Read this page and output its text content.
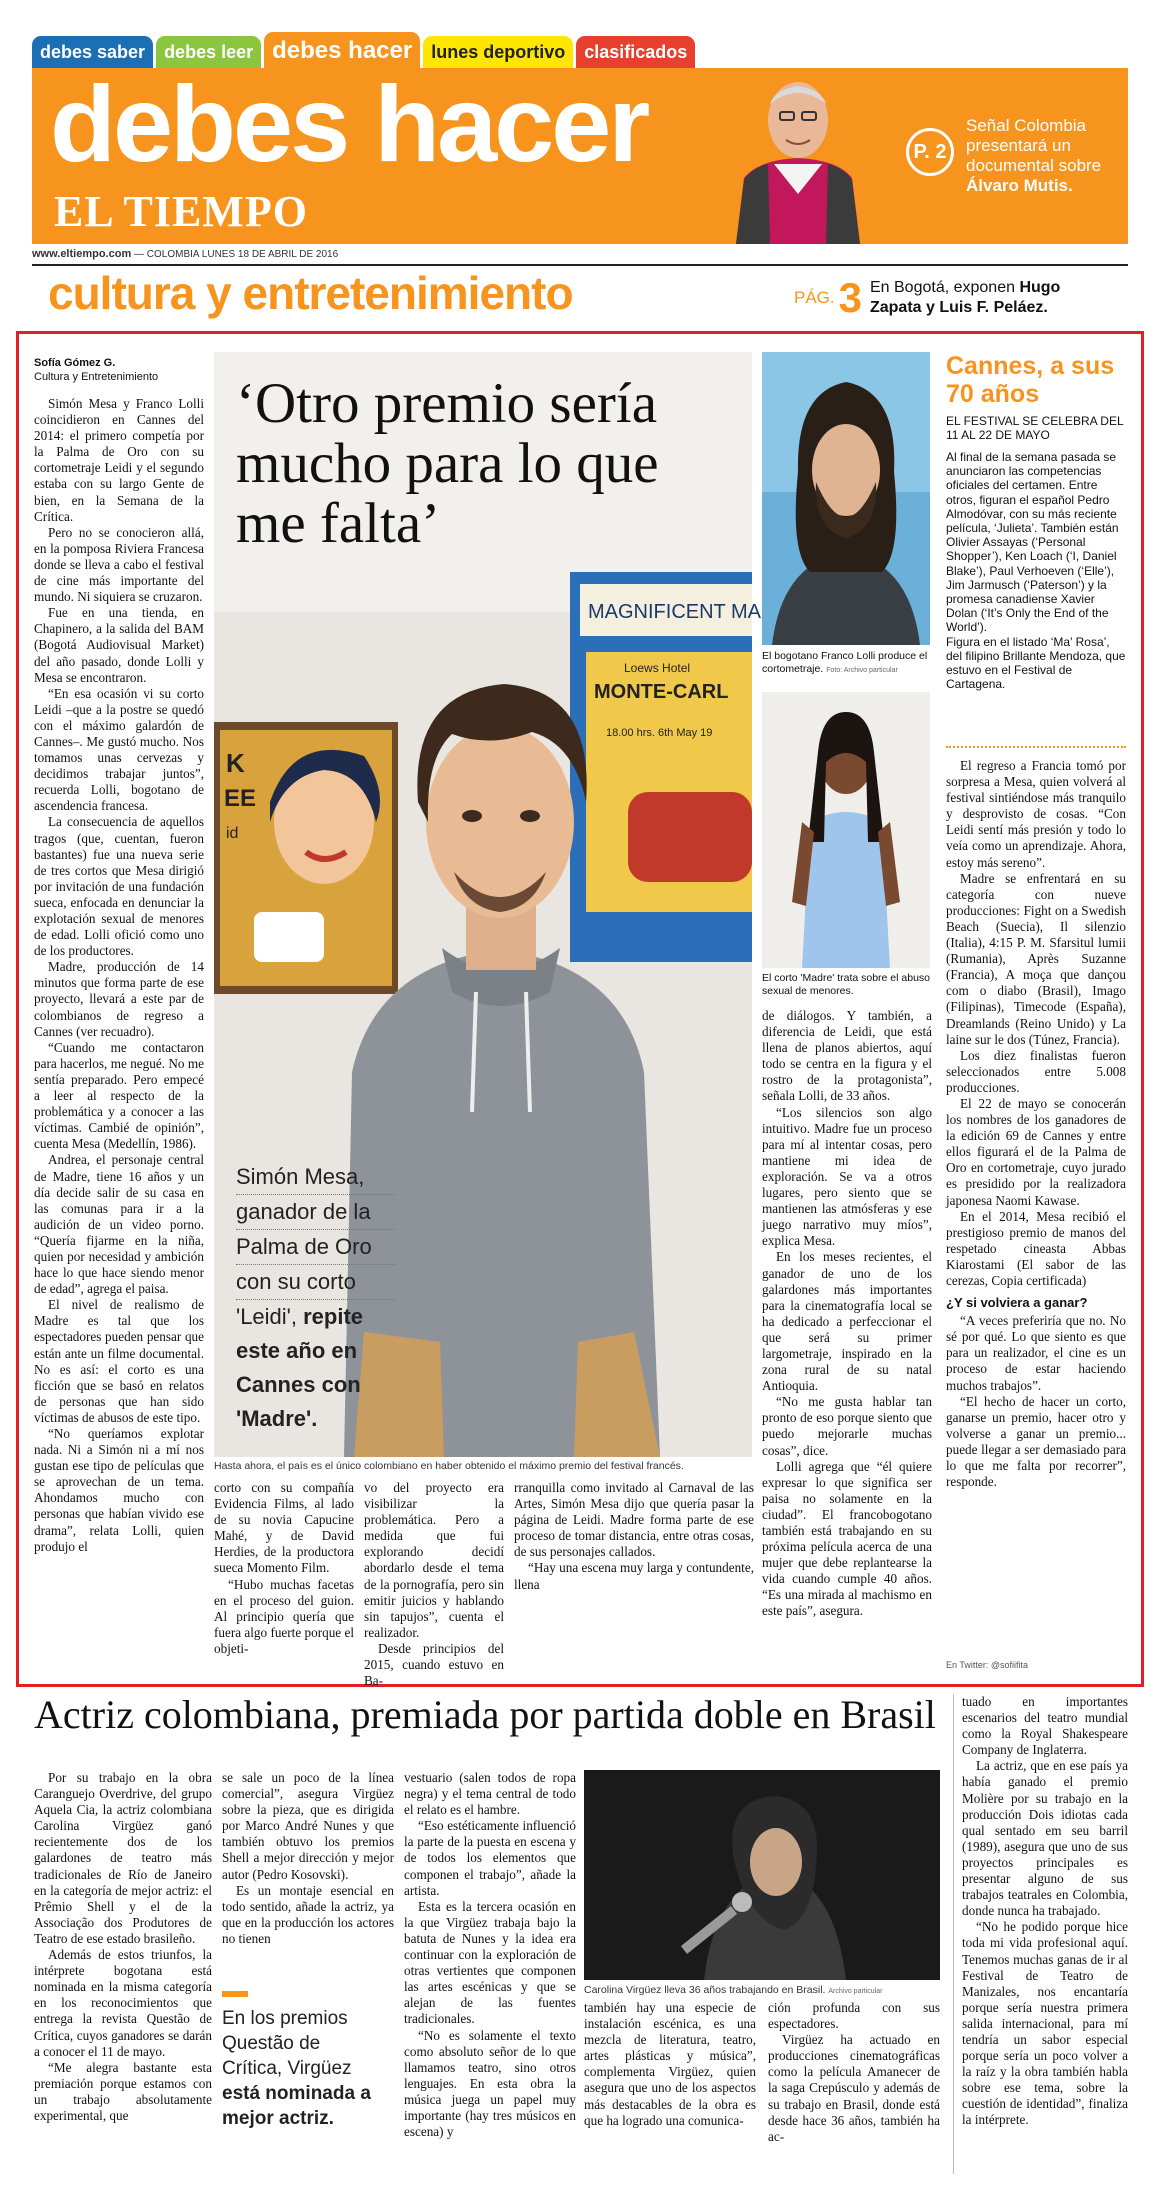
debes saber	debes leer debes hacer	lunes deportivo	clasificados
debes hacer
EL TIEMPO
P. 2
Señal Colombia presentará un documental sobre
Álvaro Mutis.
www.eltiempo.com — COLOMBIA LUNES 18 DE ABRIL DE 2016
cultura y entretenimiento	PÁG. 3 En Bogotá, exponen Hugo Zapata y Luis F. Peláez.
Sofía Gómez G.
Cultura y Entretenimiento

Simón Mesa y Franco Lolli coincidieron en Cannes del 2014: el primero competía por la Palma de Oro con su cortometraje Leidi y el segundo estaba con su largo Gente de bien, en la Semana de la Crítica.

Pero no se conocieron allá, en la pomposa Riviera Francesa donde se lleva a cabo el festival de cine más importante del mundo. Ni siquiera se cruzaron.

Fue en una tienda, en Chapinero, a la salida del BAM (Bogotá Audiovisual Market) del año pasado, donde Lolli y Mesa se encontraron.

“En esa ocasión vi su corto Leidi –que a la postre se quedó con el máximo galardón de Cannes–. Me gustó mucho. Nos tomamos unas cervezas y decidimos trabajar juntos”, recuerda Lolli, bogotano de ascendencia francesa.

La consecuencia de aquellos tragos (que, cuentan, fueron bastantes) fue una nueva serie de tres cortos que Mesa dirigió por invitación de una fundación sueca, enfocada en denunciar la explotación sexual de menores de edad. Lolli ofició como uno de los productores.

Madre, producción de 14 minutos que forma parte de ese proyecto, llevará a este par de colombianos de regreso a Cannes (ver recuadro).

“Cuando me contactaron para hacerlos, me negué. No me sentía preparado. Pero empecé a leer al respecto de la problemática y a conocer a las víctimas. Cambié de opinión”, cuenta Mesa (Medellín, 1986).

Andrea, el personaje central de Madre, tiene 16 años y un día decide salir de su casa en las comunas para ir a la audición de un video porno. “Quería fijarme en la niña, quien por necesidad y ambición hace lo que hace siendo menor de edad”, agrega el paisa.

El nivel de realismo de Madre es tal que los espectadores pueden pensar que están ante un filme documental. No es así: el corto es una ficción que se basó en relatos de personas que han sido víctimas de abusos de este tipo.

“No queríamos explotar nada. Ni a Simón ni a mí nos gustan ese tipo de películas que se aprovechan de un tema. Ahondamos mucho con personas que habían vivido ese drama”, relata Lolli, quien produjo el

MAGNIFICENT MA
Loews Hotel
MONTE-CARL
18.00 hrs. 6th May 19
K
EE
id
‘Otro premio sería mucho para lo que me falta’
Simón Mesa,
ganador de la
Palma de Oro
con su corto
'Leidi', repite este año en Cannes con 'Madre'.
Hasta ahora, el país es el único colombiano en haber obtenido el máximo premio del festival francés.
El bogotano Franco Lolli produce el cortometraje. Foto: Archivo particular
El corto 'Madre' trata sobre el abuso sexual de menores.
Cannes, a sus 70 años
EL FESTIVAL SE CELEBRA DEL 11 AL 22 DE MAYO

Al final de la semana pasada se anunciaron las competencias oficiales del certamen. Entre otros, figuran el español Pedro Almodóvar, con su más reciente película, ‘Julieta’. También están Olivier Assayas (‘Personal Shopper’), Ken Loach (‘I, Daniel Blake’), Paul Verhoeven (‘Elle’), Jim Jarmusch (‘Paterson’) y la promesa canadiense Xavier Dolan (‘It’s Only the End of the World’).

Figura en el listado ‘Ma’ Rosa’, del filipino Brillante Mendoza, que estuvo en el Festival de Cartagena.

corto con su compañía Evidencia Films, al lado de su novia Capucine Mahé, y de David Herdies, de la productora sueca Momento Film.

“Hubo muchas facetas en el proceso del guion. Al principio quería que fuera algo fuerte porque el objeti-

vo del proyecto era visibilizar la problemática. Pero a medida que fui explorando decidí abordarlo desde el tema de la pornografía, pero sin emitir juicios y hablando sin tapujos”, cuenta el realizador.

Desde principios del 2015, cuando estuvo en Ba-

rranquilla como invitado al Carnaval de las Artes, Simón Mesa dijo que quería pasar la página de Leidi. Madre forma parte de ese proceso de tomar distancia, entre otras cosas, de sus personajes callados.

“Hay una escena muy larga y contundente, llena

de diálogos. Y también, a diferencia de Leidi, que está llena de planos abiertos, aquí todo se centra en la figura y el rostro de la protagonista”, señala Lolli, de 33 años.

“Los silencios son algo intuitivo. Madre fue un proceso para mí al intentar cosas, pero mantiene mi idea de exploración. Se va a otros lugares, pero siento que se mantienen las atmósferas y ese juego narrativo muy míos”, explica Mesa.

En los meses recientes, el ganador de uno de los galardones más importantes para la cinematografía local se ha dedicado a perfeccionar el que será su primer largometraje, inspirado en la zona rural de su natal Antioquia.

“No me gusta hablar tan pronto de eso porque siento que puedo mejorarle muchas cosas”, dice.

Lolli agrega que “él quiere expresar lo que significa ser paisa no solamente en la ciudad”. El francobogotano también está trabajando en su próxima película acerca de una mujer que debe replantearse la vida cuando cumple 40 años. “Es una mirada al machismo en este país”, asegura.

El regreso a Francia tomó por sorpresa a Mesa, quien volverá al festival sintiéndose más tranquilo y desprovisto de cosas. “Con Leidi sentí más presión y todo lo veía como un aprendizaje. Ahora, estoy más sereno”.

Madre se enfrentará en su categoría con nueve producciones: Fight on a Swedish Beach (Suecia), Il silenzio (Italia), 4:15 P. M. Sfarsitul lumii (Rumania), Après Suzanne (Francia), A moça que dançou com o diabo (Brasil), Imago (Filipinas), Timecode (España), Dreamlands (Reino Unido) y La laine sur le dos (Túnez, Francia).

Los diez finalistas fueron seleccionados entre 5.008 producciones.

El 22 de mayo se conocerán los nombres de los ganadores de la edición 69 de Cannes y entre ellos figurará el de la Palma de Oro en cortometraje, cuyo jurado es presidido por la realizadora japonesa Naomi Kawase.

En el 2014, Mesa recibió el prestigioso premio de manos del respetado cineasta Abbas Kiarostami (El sabor de las cerezas, Copia certificada)

¿Y si volviera a ganar?

“A veces preferiría que no. No sé por qué. Lo que siento es que para un realizador, el cine es un proceso de estar haciendo muchos trabajos”.

“El hecho de hacer un corto, ganarse un premio, hacer otro y volverse a ganar un premio... puede llegar a ser demasiado para lo que me falta por recorrer”, responde.

En Twitter: @sofiifita
Actriz colombiana, premiada por partida doble en Brasil

Por su trabajo en la obra Caranguejo Overdrive, del grupo Aquela Cia, la actriz colombiana Carolina Virgüez ganó recientemente dos de los galardones de teatro más tradicionales de Río de Janeiro en la categoría de mejor actriz: el Prêmio Shell y el de la Associação dos Produtores de Teatro de ese estado brasileño.

Además de estos triunfos, la intérprete bogotana está nominada en la misma categoría en los reconocimientos que entrega la revista Questão de Crítica, cuyos ganadores se darán a conocer el 11 de mayo.

“Me alegra bastante esta premiación porque estamos con un trabajo absolutamente experimental, que

se sale un poco de la línea comercial”, asegura Virgüez sobre la pieza, que es dirigida por Marco André Nunes y que también obtuvo los premios Shell a mejor dirección y mejor autor (Pedro Kosovski).

Es un montaje esencial en todo sentido, añade la actriz, ya que en la producción los actores no tienen

En los premios Questão de Crítica, Virgüez está nominada a mejor actriz.

vestuario (salen todos de ropa negra) y el tema central de todo el relato es el hambre.

“Eso estéticamente influenció la parte de la puesta en escena y de todos los elementos que componen el trabajo”, añade la artista.

Esta es la tercera ocasión en la que Virgüez trabaja bajo la batuta de Nunes y la idea era continuar con la exploración de otras vertientes que componen las artes escénicas y que se alejan de las fuentes tradicionales.

“No es solamente el texto como absoluto señor de lo que llamamos teatro, sino otros lenguajes. En esta obra la música juega un papel muy importante (hay tres músicos en escena) y

Carolina Virgüez lleva 36 años trabajando en Brasil. Archivo particular

también hay una especie de instalación escénica, es una mezcla de literatura, teatro, artes plásticas y música”, complementa Virgüez, quien asegura que uno de los aspectos más destacables de la obra es que ha logrado una comunica-

ción profunda con sus espectadores.

Virgüez ha actuado en producciones cinematográficas como la película Amanecer de la saga Crepúsculo y además de su trabajo en Brasil, donde está desde hace 36 años, también ha ac-

tuado en importantes escenarios del teatro mundial como la Royal Shakespeare Company de Inglaterra.

La actriz, que en ese país ya había ganado el premio Molière por su trabajo en la producción Dois idiotas cada qual sentado em seu barril (1989), asegura que uno de sus proyectos principales es presentar alguno de sus trabajos teatrales en Colombia, donde nunca ha trabajado.

“No he podido porque hice toda mi vida profesional aquí. Tenemos muchas ganas de ir al Festival de Teatro de Manizales, nos encantaría porque sería nuestra primera salida internacional, para mí tendría un sabor especial porque sería un poco volver a la raíz y la obra también habla sobre ese tema, sobre la cuestión de identidad”, finaliza la intérprete.
